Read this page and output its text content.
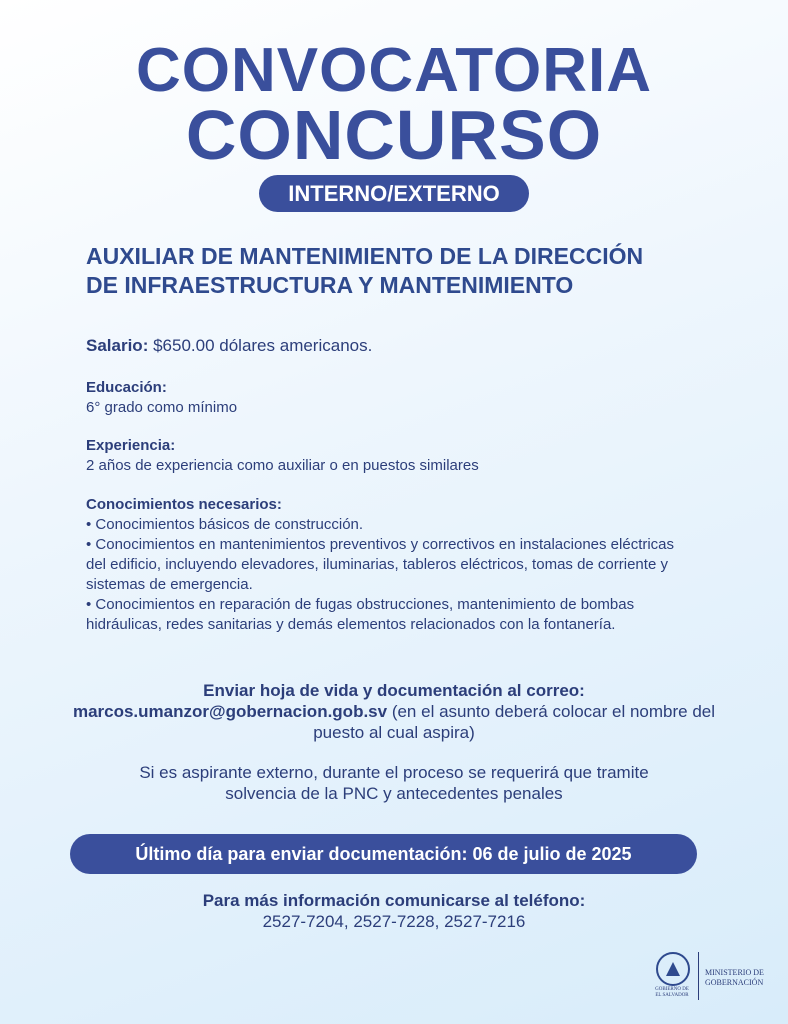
CONVOCATORIA
CONCURSO
INTERNO/EXTERNO
AUXILIAR DE MANTENIMIENTO DE LA DIRECCIÓN
DE INFRAESTRUCTURA Y MANTENIMIENTO
Salario: $650.00 dólares americanos.
Educación:
6° grado como mínimo
Experiencia:
2 años de experiencia como auxiliar o en puestos similares
Conocimientos necesarios:

• Conocimientos básicos de construcción.

• Conocimientos en mantenimientos preventivos y correctivos en instalaciones eléctricas del edificio, incluyendo elevadores, iluminarias, tableros eléctricos, tomas de corriente y sistemas de emergencia.

• Conocimientos en reparación de fugas obstrucciones, mantenimiento de bombas hidráulicas, redes sanitarias y demás elementos relacionados con la fontanería.

Enviar hoja de vida y documentación al correo:
marcos.umanzor@gobernacion.gob.sv (en el asunto deberá colocar el nombre del puesto al cual aspira)
Si es aspirante externo, durante el proceso se requerirá que tramite solvencia de la PNC y antecedentes penales
Último día para enviar documentación: 06 de julio de 2025
Para más información comunicarse al teléfono:
2527-7204, 2527-7228, 2527-7216
GOBIERNO DE
EL SALVADOR
MINISTERIO DE
GOBERNACIÓN
